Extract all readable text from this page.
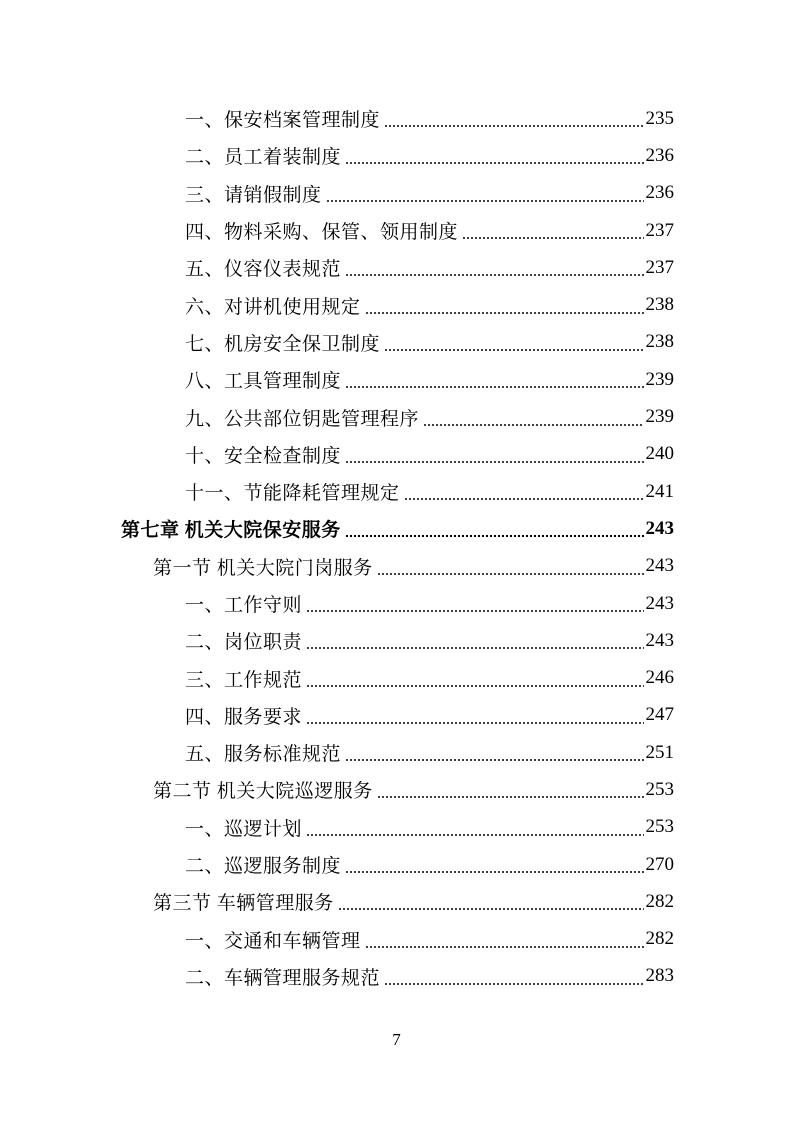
一、保安档案管理制度	235
二、员工着装制度	236
三、请销假制度	236
四、物料采购、保管、领用制度	237
五、仪容仪表规范	237
六、对讲机使用规定	238
七、机房安全保卫制度	238
八、工具管理制度	239
九、公共部位钥匙管理程序	239
十、安全检查制度	240
十一、节能降耗管理规定	241
第七章 机关大院保安服务	243
第一节 机关大院门岗服务	243
一、工作守则	243
二、岗位职责	243
三、工作规范	246
四、服务要求	247
五、服务标准规范	251
第二节 机关大院巡逻服务	253
一、巡逻计划	253
二、巡逻服务制度	270
第三节 车辆管理服务	282
一、交通和车辆管理	282
二、车辆管理服务规范	283
7
